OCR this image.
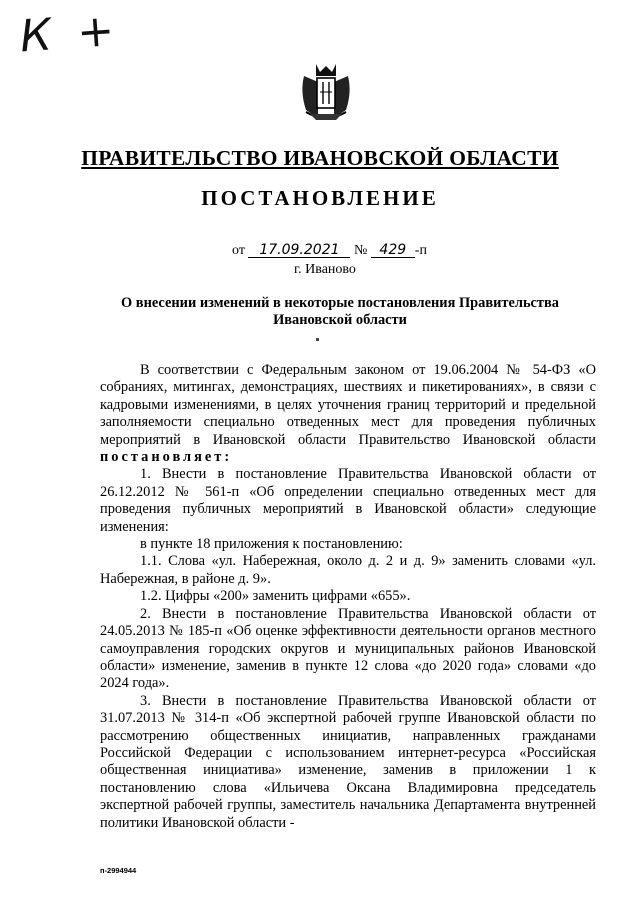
К +
ПРАВИТЕЛЬСТВО ИВАНОВСКОЙ ОБЛАСТИ
ПОСТАНОВЛЕНИЕ
от 17.09.2021 № 429 -п
г. Иваново
О внесении изменений в некоторые постановления Правительства Ивановской области

В соответствии с Федеральным законом от 19.06.2004 № 54-ФЗ «О собраниях, митингах, демонстрациях, шествиях и пикетированиях», в связи с кадровыми изменениями, в целях уточнения границ территорий и предельной заполняемости специально отведенных мест для проведения публичных мероприятий в Ивановской области Правительство Ивановской области постановляет:

1. Внести в постановление Правительства Ивановской области от 26.12.2012 № 561-п «Об определении специально отведенных мест для проведения публичных мероприятий в Ивановской области» следующие изменения:

в пункте 18 приложения к постановлению:

1.1. Слова «ул. Набережная, около д. 2 и д. 9» заменить словами «ул. Набережная, в районе д. 9».

1.2. Цифры «200» заменить цифрами «655».

2. Внести в постановление Правительства Ивановской области от 24.05.2013 № 185-п «Об оценке эффективности деятельности органов местного самоуправления городских округов и муниципальных районов Ивановской области» изменение, заменив в пункте 12 слова «до 2020 года» словами «до 2024 года».

3. Внести в постановление Правительства Ивановской области от 31.07.2013 № 314-п «Об экспертной рабочей группе Ивановской области по рассмотрению общественных инициатив, направленных гражданами Российской Федерации с использованием интернет-ресурса «Российская общественная инициатива» изменение, заменив в приложении 1 к постановлению слова «Ильичева Оксана Владимировна председатель экспертной рабочей группы, заместитель начальника Департамента внутренней политики Ивановской области -

п-2994944
